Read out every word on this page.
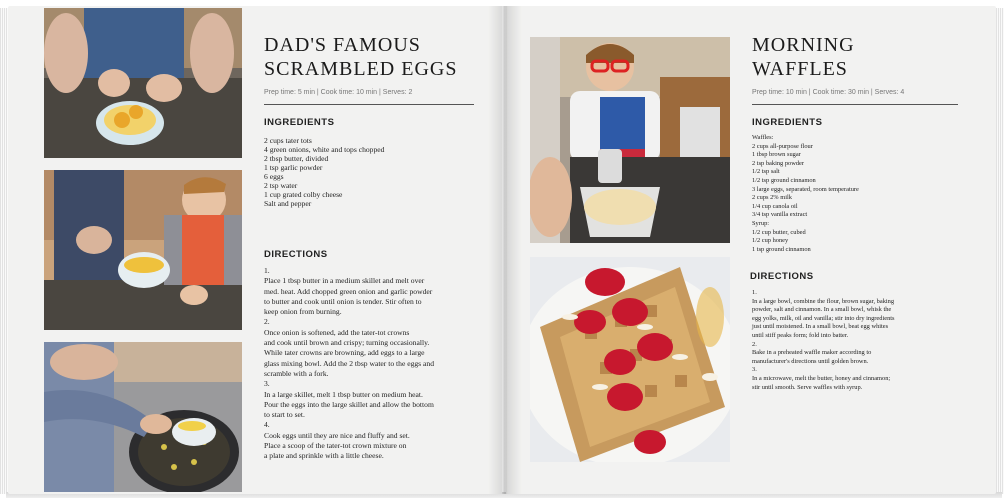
DAD'S FAMOUS
SCRAMBLED EGGS
Prep time: 5 min | Cook time: 10 min | Serves: 2
INGREDIENTS
2 cups tater tots
4 green onions, white and tops chopped
2 tbsp butter, divided
1 tsp garlic powder
6 eggs
2 tsp water
1 cup grated colby cheese
Salt and pepper
DIRECTIONS
1.
Place 1 tbsp butter in a medium skillet and melt over
med. heat. Add chopped green onion and garlic powder
to butter and cook until onion is tender. Stir often to
keep onion from burning.
2.
Once onion is softened, add the tater-tot crowns
and cook until brown and crispy; turning occasionally.
While tater crowns are browning, add eggs to a large
glass mixing bowl. Add the 2 tbsp water to the eggs and
scramble with a fork.
3.
In a large skillet, melt 1 tbsp butter on medium heat.
Pour the eggs into the large skillet and allow the bottom
to start to set.
4.
Cook eggs until they are nice and fluffy and set.
Place a scoop of the tater-tot crown mixture on
a plate and sprinkle with a little cheese.
MORNING
WAFFLES
Prep time: 10 min | Cook time: 30 min | Serves: 4
INGREDIENTS
Waffles:
2 cups all-purpose flour
1 tbsp brown sugar
2 tsp baking powder
1/2 tsp salt
1/2 tsp ground cinnamon
3 large eggs, separated, room temperature
2 cups 2% milk
1/4 cup canola oil
3/4 tsp vanilla extract
Syrup:
1/2 cup butter, cubed
1/2 cup honey
1 tsp ground cinnamon
DIRECTIONS
1.
In a large bowl, combine the flour, brown sugar, baking
powder, salt and cinnamon. In a small bowl, whisk the
egg yolks, milk, oil and vanilla; stir into dry ingredients
just until moistened. In a small bowl, beat egg whites
until stiff peaks form; fold into batter.
2.
Bake in a preheated waffle maker according to
manufacturer's directions until golden brown.
3.
In a microwave, melt the butter, honey and cinnamon;
stir until smooth. Serve waffles with syrup.
